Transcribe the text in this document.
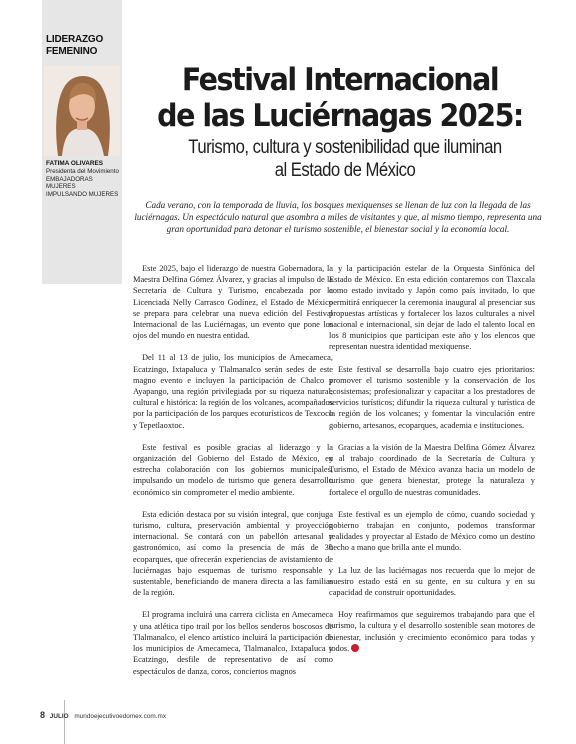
LIDERAZGO
FEMENINO
FATIMA OLIVARES
Presidenta del Movimiento
EMBAJADORAS MUJERES
IMPULSANDO MUJERES
Festival Internacional
de las Luciérnagas 2025:
Turismo, cultura y sostenibilidad que iluminan
al Estado de México

Cada verano, con la temporada de lluvia, los bosques mexiquenses se llenan de luz con la llegada de las luciérnagas. Un espectáculo natural que asombra a miles de visitantes y que, al mismo tiempo, representa una gran oportunidad para detonar el turismo sostenible, el bienestar social y la economía local.

Este 2025, bajo el liderazgo de nuestra Gobernadora, la Maestra Delfina Gómez Álvarez, y gracias al impulso de la Secretaría de Cultura y Turismo, encabezada por la Licenciada Nelly Carrasco Godínez, el Estado de México se prepara para celebrar una nueva edición del Festival Internacional de las Luciérnagas, un evento que pone los ojos del mundo en nuestra entidad.

Del 11 al 13 de julio, los municipios de Amecameca, Ecatzingo, Ixtapaluca y Tlalmanalco serán sedes de este magno evento e incluyen la participación de Chalco y Ayapango, una región privilegiada por su riqueza natural, cultural e histórica: la región de los volcanes, acompañados por la participación de los parques ecoturísticos de Texcoco y Tepetlaoxtoc.

Este festival es posible gracias al liderazgo y la organización del Gobierno del Estado de México, en estrecha colaboración con los gobiernos municipales, impulsando un modelo de turismo que genera desarrollo económico sin comprometer el medio ambiente.

Esta edición destaca por su visión integral, que conjuga turismo, cultura, preservación ambiental y proyección internacional. Se contará con un pabellón artesanal y gastronómico, así como la presencia de más de 30 ecoparques, que ofrecerán experiencias de avistamiento de luciérnagas bajo esquemas de turismo responsable y sustentable, beneficiando de manera directa a las familias de la región.

El programa incluirá una carrera ciclista en Amecameca y una atlética tipo trail por los bellos senderos boscosos de Tlalmanalco, el elenco artístico incluirá la participación de los municipios de Amecameca, Tlalmanalco, Ixtapaluca y Ecatzingo, desfile de representativo de así como espectáculos de danza, coros, conciertos magnos

y la participación estelar de la Orquesta Sinfónica del Estado de México. En esta edición contaremos con Tlaxcala como estado invitado y Japón como país invitado, lo que permitirá enriquecer la ceremonia inaugural al presenciar sus propuestas artísticas y fortalecer los lazos culturales a nivel nacional e internacional, sin dejar de lado el talento local en los 8 municipios que participan este año y los elencos que representan nuestra identidad mexiquense.

Este festival se desarrolla bajo cuatro ejes prioritarios: promover el turismo sostenible y la conservación de los ecosistemas; profesionalizar y capacitar a los prestadores de servicios turísticos; difundir la riqueza cultural y turística de la región de los volcanes; y fomentar la vinculación entre gobierno, artesanos, ecoparques, academia e instituciones.

Gracias a la visión de la Maestra Delfina Gómez Álvarez y al trabajo coordinado de la Secretaría de Cultura y Turismo, el Estado de México avanza hacia un modelo de turismo que genera bienestar, protege la naturaleza y fortalece el orgullo de nuestras comunidades.

Este festival es un ejemplo de cómo, cuando sociedad y gobierno trabajan en conjunto, podemos transformar realidades y proyectar al Estado de México como un destino hecho a mano que brilla ante el mundo.

La luz de las luciérnagas nos recuerda que lo mejor de nuestro estado está en su gente, en su cultura y en su capacidad de construir oportunidades.

Hoy reafirmamos que seguiremos trabajando para que el turismo, la cultura y el desarrollo sostenible sean motores de bienestar, inclusión y crecimiento económico para todas y todos.

8 JULIO mundoejecutivoedomex.com.mx
